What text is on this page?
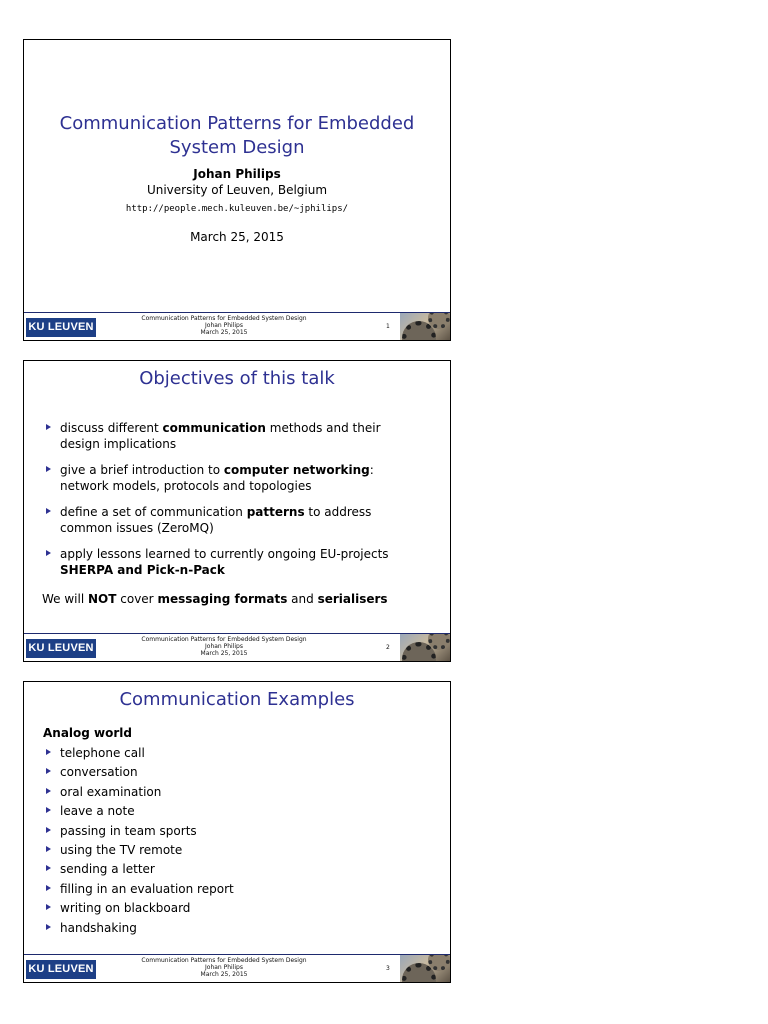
Communication Patterns for Embedded System Design
Johan Philips
University of Leuven, Belgium
http://people.mech.kuleuven.be/~jphilips/
March 25, 2015
KU LEUVEN
Communication Patterns for Embedded System Design
Johan Philips
March 25, 2015
1
Objectives of this talk
discuss different communication methods and their design implications
give a brief introduction to computer networking: network models, protocols and topologies
define a set of communication patterns to address common issues (ZeroMQ)
apply lessons learned to currently ongoing EU-projects SHERPA and Pick-n-Pack
We will NOT cover messaging formats and serialisers
KU LEUVEN
Communication Patterns for Embedded System Design
Johan Philips
March 25, 2015
2
Communication Examples
Analog world
telephone call
conversation
oral examination
leave a note
passing in team sports
using the TV remote
sending a letter
filling in an evaluation report
writing on blackboard
handshaking
KU LEUVEN
Communication Patterns for Embedded System Design
Johan Philips
March 25, 2015
3
